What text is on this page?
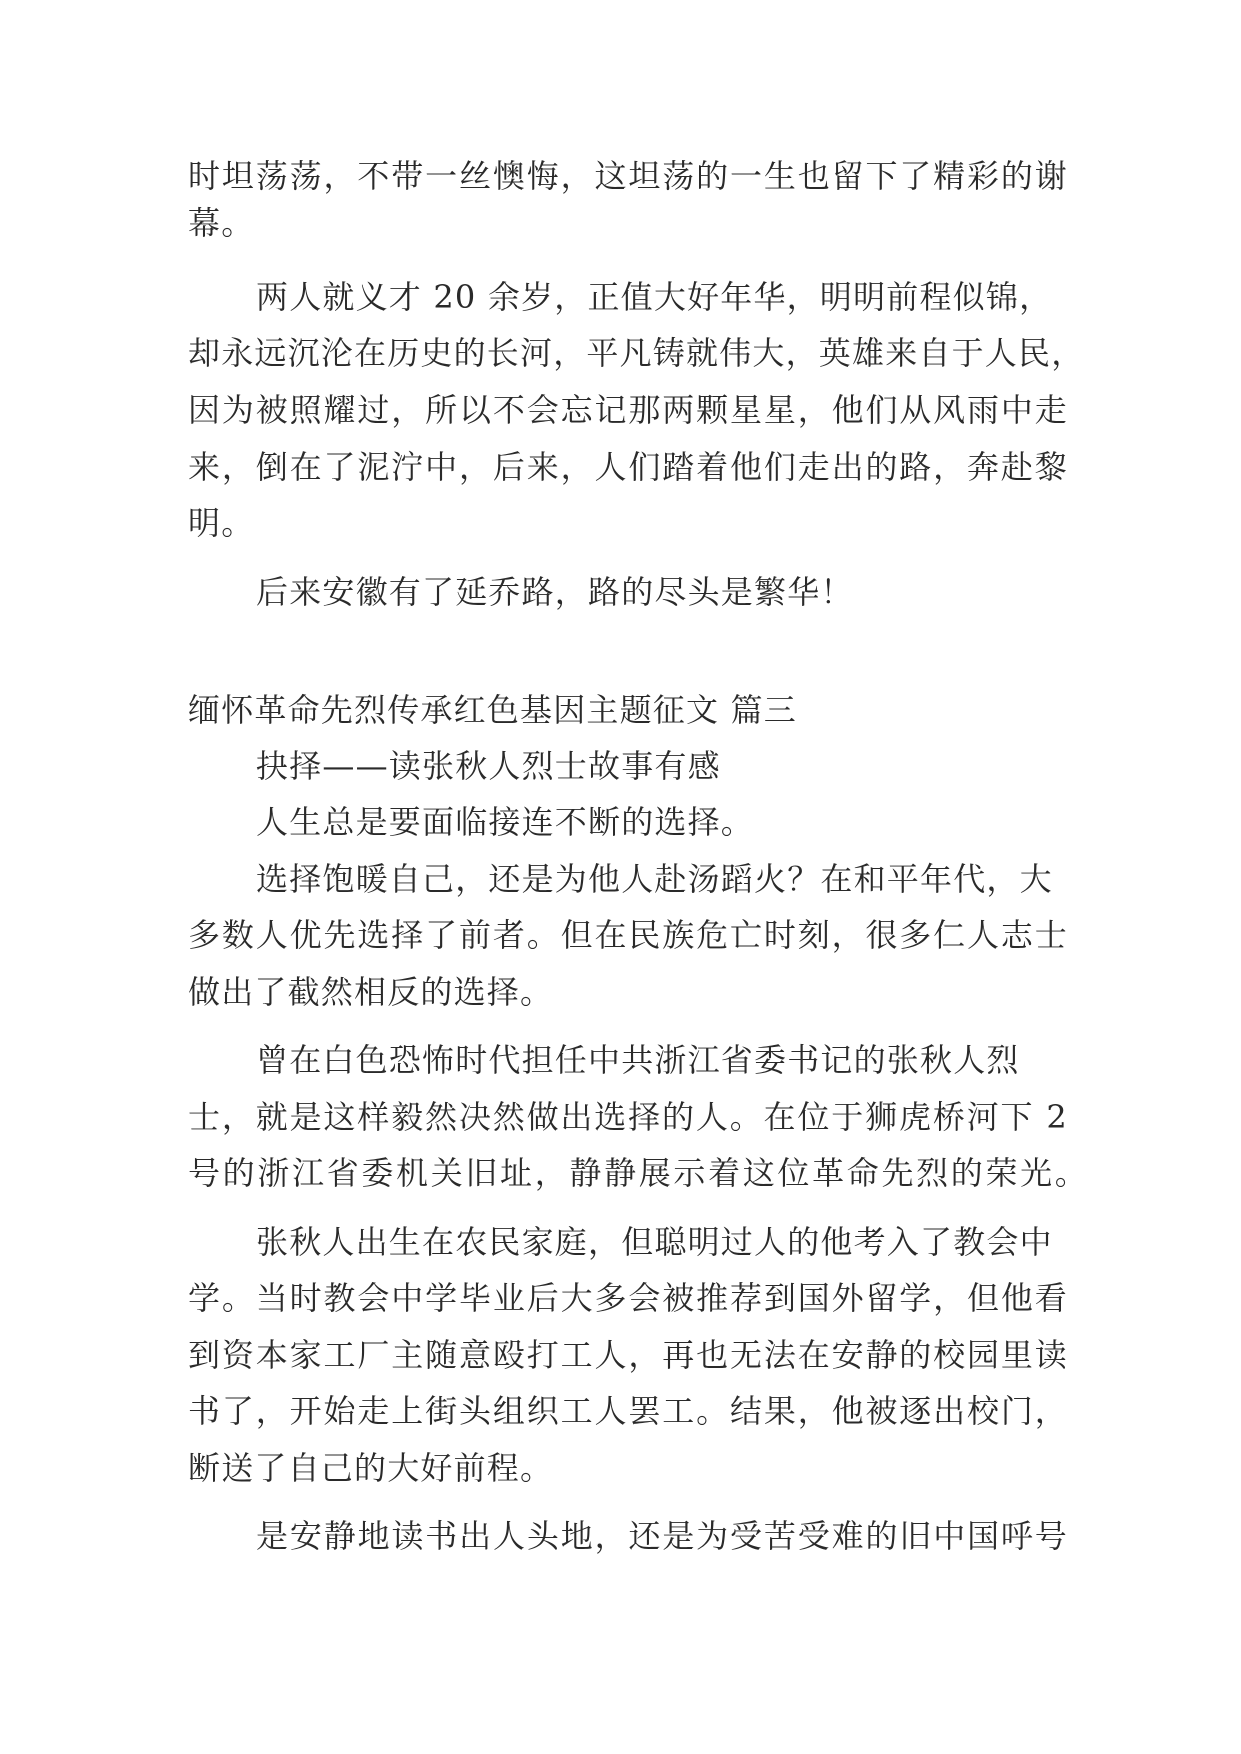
时坦荡荡，不带一丝懊悔，这坦荡的一生也留下了精彩的谢
幕。
两人就义才 20 余岁，正值大好年华，明明前程似锦，
却永远沉沦在历史的长河，平凡铸就伟大，英雄来自于人民，
因为被照耀过，所以不会忘记那两颗星星，他们从风雨中走
来，倒在了泥泞中，后来，人们踏着他们走出的路，奔赴黎
明。
后来安徽有了延乔路，路的尽头是繁华！
缅怀革命先烈传承红色基因主题征文 篇三
抉择——读张秋人烈士故事有感
人生总是要面临接连不断的选择。
选择饱暖自己，还是为他人赴汤蹈火？在和平年代，大
多数人优先选择了前者。但在民族危亡时刻，很多仁人志士
做出了截然相反的选择。
曾在白色恐怖时代担任中共浙江省委书记的张秋人烈
士，就是这样毅然决然做出选择的人。在位于狮虎桥河下 2
号的浙江省委机关旧址，静静展示着这位革命先烈的荣光。
张秋人出生在农民家庭，但聪明过人的他考入了教会中
学。当时教会中学毕业后大多会被推荐到国外留学，但他看
到资本家工厂主随意殴打工人，再也无法在安静的校园里读
书了，开始走上街头组织工人罢工。结果，他被逐出校门，
断送了自己的大好前程。
是安静地读书出人头地，还是为受苦受难的旧中国呼号
